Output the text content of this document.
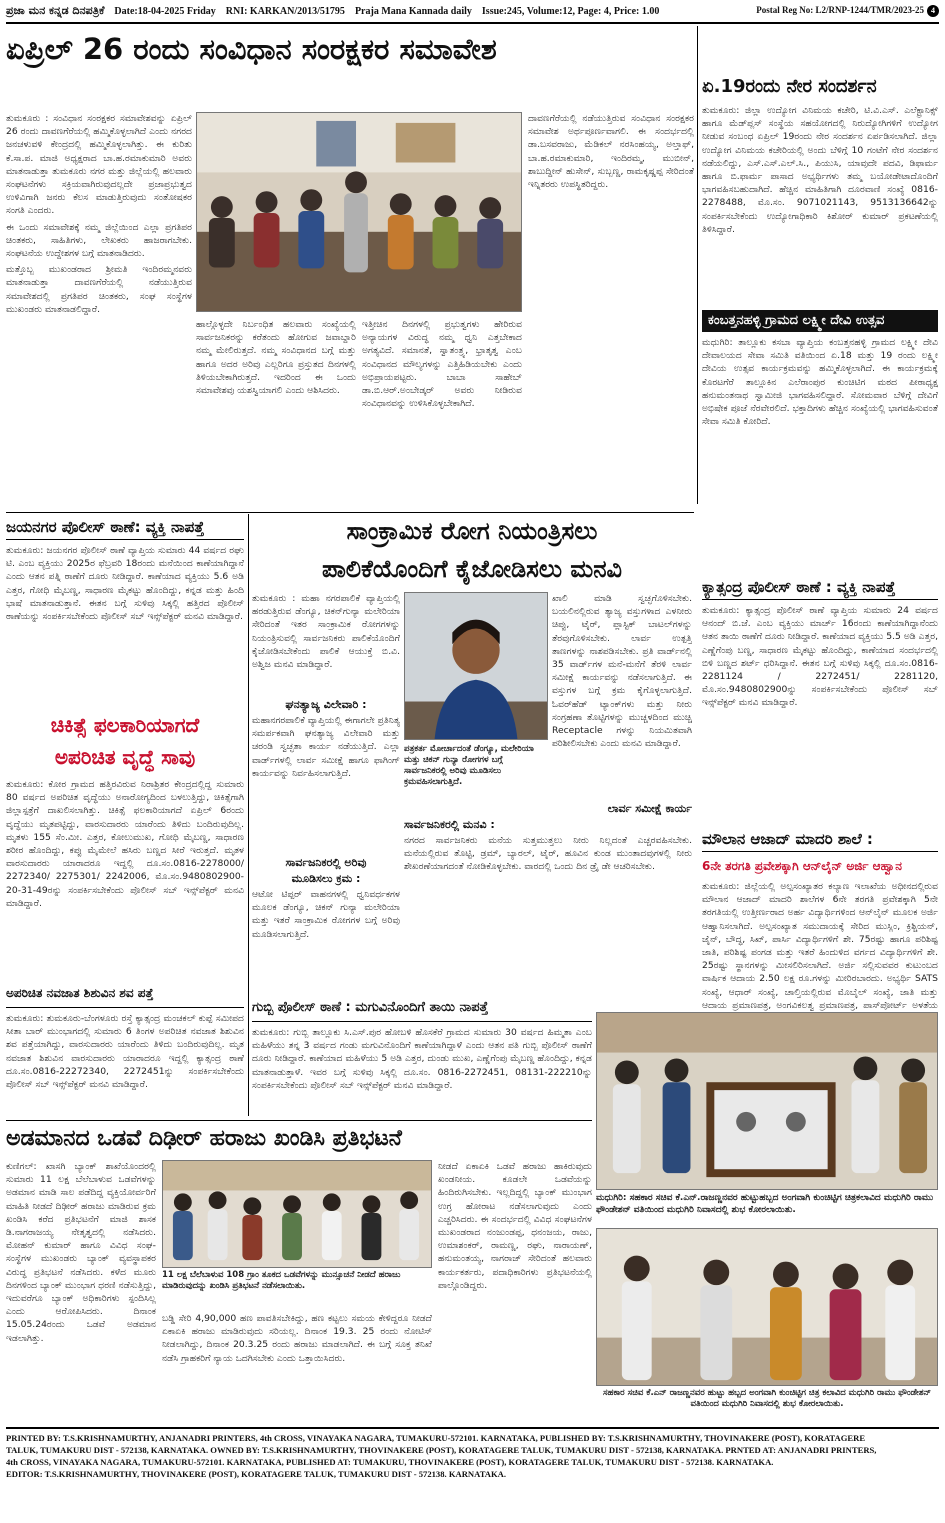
ಪ್ರಜಾ ಮನ ಕನ್ನಡ ದಿನಪತ್ರಿಕೆ Date:18-04-2025 Friday RNI: KARKAN/2013/51795 Praja Mana Kannada daily Issue:245, Volume:12, Page: 4, Price: 1.00	Postal Reg No: L2/RNP-1244/TMR/2023-25 4
ಏಪ್ರಿಲ್ 26 ರಂದು ಸಂವಿಧಾನ ಸಂರಕ್ಷಕರ ಸಮಾವೇಶ

ತುಮಕೂರು : ಸಂವಿಧಾನ ಸಂರಕ್ಷಕರ ಸಮಾವೇಶವನ್ನು ಏಪ್ರಿಲ್ 26 ರಂದು ದಾವಣಗೆರೆಯಲ್ಲಿ ಹಮ್ಮಿಕೊಳ್ಳಲಾಗಿದೆ ಎಂದು ನಗರದ ಜನಚಳುವಳಿ ಕೇಂದ್ರದಲ್ಲಿ ಹಮ್ಮಿಕೊಳ್ಳಲಾಗಿತ್ತು. ಈ ಕುರಿತು ಕೆ.ಸಾ.ಪ. ಮಾಜಿ ಅಧ್ಯಕ್ಷರಾದ ಬಾ.ಹ.ರಮಾಕುಮಾರಿ ಅವರು ಮಾತನಾಡುತ್ತಾ ತುಮಕೂರು ನಗರ ಮತ್ತು ಜಿಲ್ಲೆಯಲ್ಲಿ ಹಲವಾರು ಸಂಘಟನೆಗಳು ಸಕ್ರಿಯವಾಗಿರುವುದಲ್ಲದೇ ಪ್ರಜಾಪ್ರಭುತ್ವದ ಉಳಿವಿಗಾಗಿ ಜನರು ಕೆಲಸ ಮಾಡುತ್ತಿರುವುದು ಸಂತೋಷಕರ ಸಂಗತಿ ಎಂದರು.

ಈ ಒಂದು ಸಮಾವೇಶಕ್ಕೆ ನಮ್ಮ ಜಿಲ್ಲೆಯಿಂದ ಎಲ್ಲಾ ಪ್ರಗತಿಪರ ಚಿಂತಕರು, ಸಾಹಿತಿಗಳು, ಲೇಖಕರು ಹಾಜರಾಗಬೇಕು. ಸಂಘಟನೆಯ ಉದ್ದೇಶಗಳ ಬಗ್ಗೆ ಮಾತನಾಡಿದರು.

ಮತ್ತೊಬ್ಬ ಮುಖಂಡರಾದ ಶ್ರೀಮತಿ ಇಂದಿರಮ್ಮನವರು ಮಾತನಾಡುತ್ತಾ ದಾವಣಗೆರೆಯಲ್ಲಿ ನಡೆಯುತ್ತಿರುವ ಸಮಾವೇಶದಲ್ಲಿ ಪ್ರಗತಿಪರ ಚಿಂತಕರು, ಸಂಘ ಸಂಸ್ಥೆಗಳ ಮುಖಂಡರು ಮಾತನಾಡಲಿದ್ದಾರೆ.

ಹಾಲ್ಗೊಳ್ಳದೇ ನಿರ್ಬಂಧಿತ ಹಲವಾರು ಸಂಖ್ಯೆಯಲ್ಲಿ ಸಾರ್ವಜನಿಕರನ್ನು ಕರೆತಂದು ಹೋಗುವ ಜವಾಬ್ದಾರಿ ನಮ್ಮ ಮೇಲಿರುತ್ತದೆ. ನಮ್ಮ ಸಂವಿಧಾನದ ಬಗ್ಗೆ ಮತ್ತು ಹಾಗೂ ಅದರ ಅರಿವು ಎಲ್ಲರಿಗೂ ಪ್ರಸ್ತುತದ ದಿನಗಳಲ್ಲಿ ತಿಳಿಯಬೇಕಾಗಿರುತ್ತದೆ. ಇದರಿಂದ ಈ ಒಂದು ಸಮಾವೇಶವು ಯಶಸ್ವಿಯಾಗಲಿ ಎಂದು ಆಶಿಸಿದರು.
ಇತ್ತೀಚಿನ ದಿನಗಳಲ್ಲಿ ಪ್ರಭುತ್ವಗಳು ಹೇರಿರುವ ಅನ್ಯಾಯಗಳ ವಿರುದ್ಧ ನಮ್ಮ ಧ್ವನಿ ಎತ್ತಬೇಕಾದ ಅಗತ್ಯವಿದೆ. ಸಮಾನತೆ, ಸ್ವಾತಂತ್ರ್ಯ, ಭ್ರಾತೃತ್ವ ಎಂಬ ಸಂವಿಧಾನದ ಮೌಲ್ಯಗಳನ್ನು ಎತ್ತಿಹಿಡಿಯಬೇಕು ಎಂದು ಅಭಿಪ್ರಾಯಪಟ್ಟರು. ಬಾಬಾ ಸಾಹೇಬ್ ಡಾ.ಬಿ.ಆರ್.ಅಂಬೇಡ್ಕರ್ ಅವರು ನೀಡಿರುವ ಸಂವಿಧಾನವನ್ನು ಉಳಿಸಿಕೊಳ್ಳಬೇಕಾಗಿದೆ.
ದಾವಣಗೆರೆಯಲ್ಲಿ ನಡೆಯುತ್ತಿರುವ ಸಂವಿಧಾನ ಸಂರಕ್ಷಕರ ಸಮಾವೇಶ ಅರ್ಥಪೂರ್ಣವಾಗಲಿ. ಈ ಸಂದರ್ಭದಲ್ಲಿ ಡಾ.ಬಸವರಾಜು, ಮೆಡಿಕಲ್ ನರಸಿಂಹಯ್ಯ, ಅಲ್ತಾಫ್, ಬಾ.ಹ.ರಮಾಕುಮಾರಿ, ಇಂದಿರಮ್ಮ, ಮುಬೀನ್, ಶಾಬುದ್ದೀನ್ ಹುಸೇನ್, ಸುಬ್ಬಣ್ಣ, ರಾಮಕೃಷ್ಣಪ್ಪ ಸೇರಿದಂತೆ ಇನ್ನಿತರರು ಉಪಸ್ಥಿತರಿದ್ದರು.
ಏ.19ರಂದು ನೇರ ಸಂದರ್ಶನ
ತುಮಕೂರು: ಜಿಲ್ಲಾ ಉದ್ಯೋಗ ವಿನಿಮಯ ಕಚೇರಿ, ಟಿ.ವಿ.ಎಸ್. ಎಲೆಕ್ಟ್ರಾನಿಕ್ಸ್ ಹಾಗೂ ಮೆಡ್‌ಪ್ಲಸ್ ಸಂಸ್ಥೆಯ ಸಹಯೋಗದಲ್ಲಿ ನಿರುದ್ಯೋಗಿಗಳಿಗೆ ಉದ್ಯೋಗ ನೀಡುವ ಸಂಬಂಧ ಏಪ್ರಿಲ್ 19ರಂದು ನೇರ ಸಂದರ್ಶನ ಏರ್ಪಡಿಸಲಾಗಿದೆ. ಜಿಲ್ಲಾ ಉದ್ಯೋಗ ವಿನಿಮಯ ಕಚೇರಿಯಲ್ಲಿ ಅಂದು ಬೆಳಿಗ್ಗೆ 10 ಗಂಟೆಗೆ ನೇರ ಸಂದರ್ಶನ ನಡೆಯಲಿದ್ದು, ಎಸ್.ಎಸ್.ಎಲ್.ಸಿ., ಪಿಯುಸಿ, ಯಾವುದೇ ಪದವಿ, ಡಿಫಾರ್ಮ ಹಾಗೂ ಬಿ.ಫಾರ್ಮ ಪಾಸಾದ ಅಭ್ಯರ್ಥಿಗಳು ತಮ್ಮ ಬಯೋಡೇಟಾದೊಂದಿಗೆ ಭಾಗವಹಿಸಬಹುದಾಗಿದೆ. ಹೆಚ್ಚಿನ ಮಾಹಿತಿಗಾಗಿ ದೂರವಾಣಿ ಸಂಖ್ಯೆ 0816-2278488, ಮೊ.ಸಂ. 9071021143, 9513136642ನ್ನು ಸಂಪರ್ಕಿಸಬೇಕೆಂದು ಉದ್ಯೋಗಾಧಿಕಾರಿ ಕಿಶೋರ್ ಕುಮಾರ್ ಪ್ರಕಟಣೆಯಲ್ಲಿ ತಿಳಿಸಿದ್ದಾರೆ.
ಕಂಬತ್ತನಹಳ್ಳಿ ಗ್ರಾಮದ ಲಕ್ಷ್ಮೀ ದೇವಿ ಉತ್ಸವ
ಮಧುಗಿರಿ: ತಾಲ್ಲೂಕು ಕಸಬಾ ವ್ಯಾಪ್ತಿಯ ಕಂಬತ್ತನಹಳ್ಳಿ ಗ್ರಾಮದ ಲಕ್ಷ್ಮೀ ದೇವಿ ದೇವಾಲಯದ ಸೇವಾ ಸಮಿತಿ ವತಿಯಿಂದ ಏ.18 ಮತ್ತು 19 ರಂದು ಲಕ್ಷ್ಮೀ ದೇವಿಯ ಉತ್ಸವ ಕಾರ್ಯಕ್ರಮವನ್ನು ಹಮ್ಮಿಕೊಳ್ಳಲಾಗಿದೆ. ಈ ಕಾರ್ಯಕ್ರಮಕ್ಕೆ ಕೊರಟಗೆರೆ ತಾಲ್ಲೂಕಿನ ಎಲೆರಾಂಪುರ ಕುಂಚಿಟಿಗ ಮಠದ ಪೀಠಾಧ್ಯಕ್ಷ ಹನುಮಂತನಾಥ ಸ್ವಾಮೀಜಿ ಭಾಗವಹಿಸಲಿದ್ದಾರೆ. ಸೋಮವಾರ ಬೆಳಿಗ್ಗೆ ದೇವಿಗೆ ಅಭಿಷೇಕ ಪೂಜೆ ನೆರವೇರಲಿದೆ. ಭಕ್ತಾದಿಗಳು ಹೆಚ್ಚಿನ ಸಂಖ್ಯೆಯಲ್ಲಿ ಭಾಗವಹಿಸುವಂತೆ ಸೇವಾ ಸಮಿತಿ ಕೋರಿದೆ.
ಕ್ಯಾತ್ಸಂದ್ರ ಪೊಲೀಸ್ ಠಾಣೆ : ವ್ಯಕ್ತಿ ನಾಪತ್ತೆ
ತುಮಕೂರು: ಕ್ಯಾತ್ಸಂದ್ರ ಪೊಲೀಸ್ ಠಾಣೆ ವ್ಯಾಪ್ತಿಯ ಸುಮಾರು 24 ವರ್ಷದ ಆನಂದ್ ಬಿ.ಜೆ. ಎಂಬ ವ್ಯಕ್ತಿಯು ಮಾರ್ಚ್ 16ರಂದು ಕಾಣೆಯಾಗಿದ್ದಾನೆಂದು ಆತನ ತಾಯಿ ಠಾಣೆಗೆ ದೂರು ನೀಡಿದ್ದಾರೆ. ಕಾಣೆಯಾದ ವ್ಯಕ್ತಿಯು 5.5 ಅಡಿ ಎತ್ತರ, ಎಣ್ಣೆಗೆಂಪು ಬಣ್ಣ, ಸಾಧಾರಣ ಮೈಕಟ್ಟು ಹೊಂದಿದ್ದು, ಕಾಣೆಯಾದ ಸಂದರ್ಭದಲ್ಲಿ ಬಿಳಿ ಬಣ್ಣದ ಶರ್ಟ್ ಧರಿಸಿದ್ದಾನೆ. ಈತನ ಬಗ್ಗೆ ಸುಳಿವು ಸಿಕ್ಕಲ್ಲಿ ದೂ.ಸಂ.0816-2281124 / 2272451/ 2281120, ಮೊ.ಸಂ.9480802900ನ್ನು ಸಂಪರ್ಕಿಸಬೇಕೆಂದು ಪೊಲೀಸ್ ಸಬ್ ಇನ್ಸ್‌ಪೆಕ್ಟರ್ ಮನವಿ ಮಾಡಿದ್ದಾರೆ.
ಮೌಲಾನ ಆಜಾದ್ ಮಾದರಿ ಶಾಲೆ :
6ನೇ ತರಗತಿ ಪ್ರವೇಶಕ್ಕಾಗಿ ಆನ್‌ಲೈನ್ ಅರ್ಜಿ ಆಹ್ವಾನ
ತುಮಕೂರು: ಜಿಲ್ಲೆಯಲ್ಲಿ ಅಲ್ಪಸಂಖ್ಯಾತರ ಕಲ್ಯಾಣ ಇಲಾಖೆಯ ಅಧೀನದಲ್ಲಿರುವ ಮೌಲಾನ ಆಜಾದ್ ಮಾದರಿ ಶಾಲೆಗಳ 6ನೇ ತರಗತಿ ಪ್ರವೇಶಕ್ಕಾಗಿ 5ನೇ ತರಗತಿಯಲ್ಲಿ ಉತ್ತೀರ್ಣರಾದ ಅರ್ಹ ವಿದ್ಯಾರ್ಥಿಗಳಿಂದ ಆನ್‌ಲೈನ್ ಮೂಲಕ ಅರ್ಜಿ ಆಹ್ವಾನಿಸಲಾಗಿದೆ. ಅಲ್ಪಸಂಖ್ಯಾತ ಸಮುದಾಯಕ್ಕೆ ಸೇರಿದ ಮುಸ್ಲಿಂ, ಕ್ರಿಶ್ಚಿಯನ್, ಜೈನ್, ಬೌದ್ಧ, ಸಿಖ್, ಪಾರ್ಸಿ ವಿದ್ಯಾರ್ಥಿಗಳಿಗೆ ಶೇ. 75ರಷ್ಟು ಹಾಗೂ ಪರಿಶಿಷ್ಟ ಜಾತಿ, ಪರಿಶಿಷ್ಟ ಪಂಗಡ ಮತ್ತು ಇತರೆ ಹಿಂದುಳಿದ ವರ್ಗದ ವಿದ್ಯಾರ್ಥಿಗಳಿಗೆ ಶೇ. 25ರಷ್ಟು ಸ್ಥಾನಗಳನ್ನು ಮೀಸಲಿರಿಸಲಾಗಿದೆ. ಅರ್ಜಿ ಸಲ್ಲಿಸುವವರ ಕುಟುಂಬದ ವಾರ್ಷಿಕ ಆದಾಯ 2.50 ಲಕ್ಷ ರೂ.ಗಳನ್ನು ಮೀರಿರಬಾರದು. ಅಭ್ಯರ್ಥಿ SATS ಸಂಖ್ಯೆ, ಆಧಾರ್ ಸಂಖ್ಯೆ, ಚಾಲ್ತಿಯಲ್ಲಿರುವ ಮೊಬೈಲ್ ಸಂಖ್ಯೆ, ಜಾತಿ ಮತ್ತು ಆದಾಯ ಪ್ರಮಾಣಪತ್ರ, ಅಂಗವಿಕಲತ್ವ ಪ್ರಮಾಣಪತ್ರ, ಪಾಸ್‌ಪೋರ್ಟ್ ಅಳತೆಯ
ಜಯನಗರ ಪೊಲೀಸ್ ಠಾಣೆ: ವ್ಯಕ್ತಿ ನಾಪತ್ತೆ
ತುಮಕೂರು: ಜಯನಗರ ಪೊಲೀಸ್ ಠಾಣೆ ವ್ಯಾಪ್ತಿಯ ಸುಮಾರು 44 ವರ್ಷದ ರಘು ಟಿ. ಎಂಬ ವ್ಯಕ್ತಿಯು 2025ರ ಫೆಬ್ರವರಿ 18ರಂದು ಮನೆಯಿಂದ ಕಾಣೆಯಾಗಿದ್ದಾನೆ ಎಂದು ಆತನ ಪತ್ನಿ ಠಾಣೆಗೆ ದೂರು ನೀಡಿದ್ದಾರೆ. ಕಾಣೆಯಾದ ವ್ಯಕ್ತಿಯು 5.6 ಅಡಿ ಎತ್ತರ, ಗೋಧಿ ಮೈಬಣ್ಣ, ಸಾಧಾರಣ ಮೈಕಟ್ಟು ಹೊಂದಿದ್ದು, ಕನ್ನಡ ಮತ್ತು ಹಿಂದಿ ಭಾಷೆ ಮಾತನಾಡುತ್ತಾನೆ. ಈತನ ಬಗ್ಗೆ ಸುಳಿವು ಸಿಕ್ಕಲ್ಲಿ ಹತ್ತಿರದ ಪೊಲೀಸ್ ಠಾಣೆಯನ್ನು ಸಂಪರ್ಕಿಸಬೇಕೆಂದು ಪೊಲೀಸ್ ಸಬ್ ಇನ್ಸ್‌ಪೆಕ್ಟರ್ ಮನವಿ ಮಾಡಿದ್ದಾರೆ.
ಚಿಕಿತ್ಸೆ ಫಲಕಾರಿಯಾಗದೆ
ಅಪರಿಚಿತ ವೃದ್ಧೆ ಸಾವು
ತುಮಕೂರು: ಕೋರ ಗ್ರಾಮದ ಹತ್ತಿರವಿರುವ ನಿರಾಶ್ರಿತರ ಕೇಂದ್ರದಲ್ಲಿದ್ದ ಸುಮಾರು 80 ವರ್ಷದ ಅಪರಿಚಿತ ವೃದ್ಧೆಯು ಅನಾರೋಗ್ಯದಿಂದ ಬಳಲುತ್ತಿದ್ದು, ಚಿಕಿತ್ಸೆಗಾಗಿ ಜಿಲ್ಲಾಸ್ಪತ್ರೆಗೆ ದಾಖಲಿಸಲಾಗಿತ್ತು. ಚಿಕಿತ್ಸೆ ಫಲಕಾರಿಯಾಗದೆ ಏಪ್ರಿಲ್ 6ರಂದು ವೃದ್ಧೆಯು ಮೃತಪಟ್ಟಿದ್ದು, ವಾರಸುದಾರರು ಯಾರೆಂದು ತಿಳಿದು ಬಂದಿರುವುದಿಲ್ಲ. ಮೃತಳು 155 ಸೆಂ.ಮೀ. ಎತ್ತರ, ಕೋಲುಮುಖ, ಗೋಧಿ ಮೈಬಣ್ಣ, ಸಾಧಾರಣ ಶರೀರ ಹೊಂದಿದ್ದು, ಕಪ್ಪು ಮೈಮೇಲೆ ಹಸಿರು ಬಣ್ಣದ ಸೀರೆ ಇರುತ್ತದೆ. ಮೃತಳ ವಾರಸುದಾರರು ಯಾರಾದರೂ ಇದ್ದಲ್ಲಿ ದೂ.ಸಂ.0816-2278000/ 2272340/ 2275301/ 2242006, ಮೊ.ಸಂ.9480802900-20-31-49ರನ್ನು ಸಂಪರ್ಕಿಸಬೇಕೆಂದು ಪೊಲೀಸ್ ಸಬ್ ಇನ್ಸ್‌ಪೆಕ್ಟರ್ ಮನವಿ ಮಾಡಿದ್ದಾರೆ.
ಅಪರಿಚಿತ ನವಜಾತ ಶಿಶುವಿನ ಶವ ಪತ್ತೆ
ತುಮಕೂರು: ತುಮಕೂರು-ಬೆಂಗಳೂರು ರಸ್ತೆ ಕ್ಯಾತ್ಸಂದ್ರ ಮಂಚಕಲ್ ಕುಪ್ಪೆ ಸಮೀಪದ ಸೀತಾ ಬಾರ್ ಮುಂಭಾಗದಲ್ಲಿ ಸುಮಾರು 6 ತಿಂಗಳ ಅಪರಿಚಿತ ನವಜಾತ ಶಿಶುವಿನ ಶವ ಪತ್ತೆಯಾಗಿದ್ದು, ವಾರಸುದಾರರು ಯಾರೆಂದು ತಿಳಿದು ಬಂದಿರುವುದಿಲ್ಲ. ಮೃತ ನವಜಾತ ಶಿಶುವಿನ ವಾರಸುದಾರರು ಯಾರಾದರೂ ಇದ್ದಲ್ಲಿ ಕ್ಯಾತ್ಸಂದ್ರ ಠಾಣೆ ದೂ.ಸಂ.0816-22272340, 2272451ನ್ನು ಸಂಪರ್ಕಿಸಬೇಕೆಂದು ಪೊಲೀಸ್ ಸಬ್ ಇನ್ಸ್‌ಪೆಕ್ಟರ್ ಮನವಿ ಮಾಡಿದ್ದಾರೆ.
ಸಾಂಕ್ರಾಮಿಕ ರೋಗ ನಿಯಂತ್ರಿಸಲು
ಪಾಲಿಕೆಯೊಂದಿಗೆ ಕೈಜೋಡಿಸಲು ಮನವಿ
ತುಮಕೂರು : ಮಹಾ ನಗರಪಾಲಿಕೆ ವ್ಯಾಪ್ತಿಯಲ್ಲಿ ಹರಡುತ್ತಿರುವ ಡೆಂಗ್ಯೂ, ಚಿಕನ್‌ಗುನ್ಯಾ ಮಲೇರಿಯಾ ಸೇರಿದಂತೆ ಇತರ ಸಾಂಕ್ರಾಮಿಕ ರೋಗಗಳನ್ನು ನಿಯಂತ್ರಿಸುವಲ್ಲಿ ಸಾರ್ವಜನಿಕರು ಪಾಲಿಕೆಯೊಂದಿಗೆ ಕೈಜೋಡಿಸಬೇಕೆಂದು ಪಾಲಿಕೆ ಆಯುಕ್ತೆ ಬಿ.ವಿ. ಅಶ್ವಿಜ ಮನವಿ ಮಾಡಿದ್ದಾರೆ.
ಪತ್ರಕರ್ತ ಮೋರ್ಚಾದಂತೆ ಡೆಂಗ್ಯೂ, ಮಲೇರಿಯಾ ಮತ್ತು ಚಿಕನ್ ಗುನ್ಯಾ ರೋಗಗಳ ಬಗ್ಗೆ ಸಾರ್ವಜನಿಕರಲ್ಲಿ ಅರಿವು ಮೂಡಿಸಲು ಕ್ರಮವಹಿಸಲಾಗುತ್ತಿದೆ.
ಘನತ್ಯಾಜ್ಯ ವಿಲೇವಾರಿ :
ಮಹಾನಗರಪಾಲಿಕೆ ವ್ಯಾಪ್ತಿಯಲ್ಲಿ ಈಗಾಗಲೇ ಪ್ರತಿನಿತ್ಯ ಸಮರ್ಪಕವಾಗಿ ಘನತ್ಯಾಜ್ಯ ವಿಲೇವಾರಿ ಮತ್ತು ಚರಂಡಿ ಸ್ವಚ್ಛತಾ ಕಾರ್ಯ ನಡೆಯುತ್ತಿದೆ. ಎಲ್ಲಾ ವಾರ್ಡ್‌ಗಳಲ್ಲಿ ಲಾರ್ವ ಸಮೀಕ್ಷೆ ಹಾಗೂ ಫಾಗಿಂಗ್ ಕಾರ್ಯವನ್ನು ನಿರ್ವಹಿಸಲಾಗುತ್ತಿದೆ.
ಸಾರ್ವಜನಿಕರಲ್ಲಿ ಅರಿವು
ಮೂಡಿಸಲು ಕ್ರಮ :
ಆಟೋ ಟಿಪ್ಪರ್ ವಾಹನಗಳಲ್ಲಿ ಧ್ವನಿವರ್ಧಕಗಳ ಮೂಲಕ ಡೆಂಗ್ಯೂ, ಚಿಕನ್ ಗುನ್ಯಾ ಮಲೇರಿಯಾ ಮತ್ತು ಇತರೆ ಸಾಂಕ್ರಾಮಿಕ ರೋಗಗಳ ಬಗ್ಗೆ ಅರಿವು ಮೂಡಿಸಲಾಗುತ್ತಿದೆ.
ಖಾಲಿ ಮಾಡಿ ಸ್ವಚ್ಛಗೊಳಿಸಬೇಕು. ಬಯಲಿನಲ್ಲಿರುವ ತ್ಯಾಜ್ಯ ವಸ್ತುಗಳಾದ ಎಳನೀರು ಚಿಪ್ಪು, ಟೈರ್, ಪ್ಲಾಸ್ಟಿಕ್ ಬಾಟಲ್‌ಗಳನ್ನು ತೆರವುಗೊಳಿಸಬೇಕು. ಲಾರ್ವ ಉತ್ಪತ್ತಿ ತಾಣಗಳನ್ನು ನಾಶಪಡಿಸಬೇಕು. ಪ್ರತಿ ವಾರ್ಡ್‌ನಲ್ಲಿ 35 ವಾರ್ಡ್‌ಗಳ ಮನೆ-ಮನೆಗೆ ತೆರಳಿ ಲಾರ್ವ ಸಮೀಕ್ಷೆ ಕಾರ್ಯವನ್ನು ನಡೆಸಲಾಗುತ್ತಿದೆ. ಈ ವಸ್ತುಗಳ ಬಗ್ಗೆ ಕ್ರಮ ಕೈಗೊಳ್ಳಲಾಗುತ್ತಿದೆ. ಓವರ್‌ಹೆಡ್ ಟ್ಯಾಂಕ್‌ಗಳು ಮತ್ತು ನೀರು ಸಂಗ್ರಹಣಾ ತೊಟ್ಟಿಗಳನ್ನು ಮುಚ್ಚಳದಿಂದ ಮುಚ್ಚಿ Receptacle ಗಳನ್ನು ನಿಯಮಿತವಾಗಿ ಪರಿಶೀಲಿಸಬೇಕು ಎಂದು ಮನವಿ ಮಾಡಿದ್ದಾರೆ.
ಲಾರ್ವ ಸಮೀಕ್ಷೆ ಕಾರ್ಯ
ಸಾರ್ವಜನಿಕರಲ್ಲಿ ಮನವಿ :
ನಗರದ ಸಾರ್ವಜನಿಕರು ಮನೆಯ ಸುತ್ತಮುತ್ತಲು ನೀರು ನಿಲ್ಲದಂತೆ ಎಚ್ಚರವಹಿಸಬೇಕು. ಮನೆಯಲ್ಲಿರುವ ತೊಟ್ಟಿ, ಡ್ರಮ್, ಬ್ಯಾರಲ್, ಟೈರ್, ಹೂವಿನ ಕುಂಡ ಮುಂತಾದವುಗಳಲ್ಲಿ ನೀರು ಶೇಖರಣೆಯಾಗದಂತೆ ನೋಡಿಕೊಳ್ಳಬೇಕು. ವಾರದಲ್ಲಿ ಒಂದು ದಿನ ಡ್ರೈ ಡೇ ಆಚರಿಸಬೇಕು.
ಗುಬ್ಬಿ ಪೊಲೀಸ್ ಠಾಣೆ : ಮಗುವಿನೊಂದಿಗೆ ತಾಯಿ ನಾಪತ್ತೆ
ತುಮಕೂರು: ಗುಬ್ಬಿ ತಾಲ್ಲೂಕು ಸಿ.ಎಸ್.ಪುರ ಹೋಬಳಿ ಹೊಸಕೆರೆ ಗ್ರಾಮದ ಸುಮಾರು 30 ವರ್ಷದ ಹಿಮ್ಮತಾ ಎಂಬ ಮಹಿಳೆಯು ತನ್ನ 3 ವರ್ಷದ ಗಂಡು ಮಗುವಿನೊಂದಿಗೆ ಕಾಣೆಯಾಗಿದ್ದಾಳೆ ಎಂದು ಆತನ ಪತಿ ಗುಬ್ಬಿ ಪೊಲೀಸ್ ಠಾಣೆಗೆ ದೂರು ನೀಡಿದ್ದಾರೆ. ಕಾಣೆಯಾದ ಮಹಿಳೆಯು 5 ಅಡಿ ಎತ್ತರ, ದುಂಡು ಮುಖ, ಎಣ್ಣೆಗೆಂಪು ಮೈಬಣ್ಣ ಹೊಂದಿದ್ದು, ಕನ್ನಡ ಮಾತನಾಡುತ್ತಾಳೆ. ಇವರ ಬಗ್ಗೆ ಸುಳಿವು ಸಿಕ್ಕಲ್ಲಿ ದೂ.ಸಂ. 0816-2272451, 08131-222210ನ್ನು ಸಂಪರ್ಕಿಸಬೇಕೆಂದು ಪೊಲೀಸ್ ಸಬ್ ಇನ್ಸ್‌ಪೆಕ್ಟರ್ ಮನವಿ ಮಾಡಿದ್ದಾರೆ.
ಮಧುಗಿರಿ: ಸಹಕಾರ ಸಚಿವ ಕೆ.ಎನ್.ರಾಜಣ್ಣನವರ ಹುಟ್ಟುಹಬ್ಬದ ಅಂಗವಾಗಿ ಕುಂಚಿಟ್ಟಿಗ ಚಿತ್ರಕಲಾವಿದ ಮಧುಗಿರಿ ರಾಮು ಫೌಂಡೇಶನ್ ವತಿಯಿಂದ ಮಧುಗಿರಿ ನಿವಾಸದಲ್ಲಿ ಶುಭ ಕೋರಲಾಯಿತು.
ಸಹಕಾರ ಸಚಿವ ಕೆ.ಎನ್ ರಾಜಣ್ಣನವರ ಹುಟ್ಟು ಹಬ್ಬದ ಅಂಗವಾಗಿ ಕುಂಚಿಟ್ಟಿಗ ಚಿತ್ರ ಕಲಾವಿದ ಮಧುಗಿರಿ ರಾಮು ಫೌಂಡೇಶನ್ ವತಿಯಿಂದ ಮಧುಗಿರಿ ನಿವಾಸದಲ್ಲಿ ಶುಭ ಕೋರಲಾಯಿತು.
ಅಡಮಾನದ ಒಡವೆ ದಿಢೀರ್ ಹರಾಜು ಖಂಡಿಸಿ ಪ್ರತಿಭಟನೆ
ಕುಣಿಗಲ್: ಖಾಸಗಿ ಬ್ಯಾಂಕ್ ಶಾಖೆಯೊಂದರಲ್ಲಿ ಸುಮಾರು 11 ಲಕ್ಷ ಬೆಲೆಬಾಳುವ ಒಡವೆಗಳನ್ನು ಅಡಮಾನ ಮಾಡಿ ಸಾಲ ಪಡೆದಿದ್ದ ವ್ಯಕ್ತಿಯೋರ್ವರಿಗೆ ಮಾಹಿತಿ ನೀಡದೆ ದಿಢೀರ್ ಹರಾಜು ಮಾಡಿರುವ ಕ್ರಮ ಖಂಡಿಸಿ ಕರೆದ ಪ್ರತಿಭಟನೆಗೆ ಮಾಜಿ ಶಾಸಕ ಡಿ.ನಾಗರಾಜಯ್ಯ ನೇತೃತ್ವದಲ್ಲಿ ನಡೆಸಿದರು. ಮೋಹನ್ ಕುಮಾರ್ ಹಾಗೂ ವಿವಿಧ ಸಂಘ-ಸಂಸ್ಥೆಗಳ ಮುಖಂಡರು ಬ್ಯಾಂಕ್ ವ್ಯವಸ್ಥಾಪಕರ ವಿರುದ್ಧ ಪ್ರತಿಭಟನೆ ನಡೆಸಿದರು. ಕಳೆದ ಮೂರು ದಿನಗಳಿಂದ ಬ್ಯಾಂಕ್ ಮುಂಭಾಗ ಧರಣಿ ನಡೆಸುತ್ತಿದ್ದು, ಇದುವರೆಗೂ ಬ್ಯಾಂಕ್ ಅಧಿಕಾರಿಗಳು ಸ್ಪಂದಿಸಿಲ್ಲ ಎಂದು ಆರೋಪಿಸಿದರು. ದಿನಾಂಕ 15.05.24ರಂದು ಒಡವೆ ಅಡಮಾನ ಇಡಲಾಗಿತ್ತು.
11 ಲಕ್ಷ ಬೆಲೆಬಾಳುವ 108 ಗ್ರಾಂ ತೂಕದ ಒಡವೆಗಳನ್ನು ಮುನ್ಸೂಚನೆ ನೀಡದೆ ಹರಾಜು ಮಾಡಿರುವುದನ್ನು ಖಂಡಿಸಿ ಪ್ರತಿಭಟನೆ ನಡೆಸಲಾಯಿತು.
ಬಡ್ಡಿ ಸೇರಿ 4,90,000 ಹಣ ಪಾವತಿಸಬೇಕಿದ್ದು, ಹಣ ಕಟ್ಟಲು ಸಮಯ ಕೇಳಿದ್ದರೂ ನೀಡದೆ ಏಕಾಏಕಿ ಹರಾಜು ಮಾಡಿರುವುದು ಸರಿಯಲ್ಲ. ದಿನಾಂಕ 19.3. 25 ರಂದು ನೋಟಿಸ್ ನೀಡಲಾಗಿದ್ದು, ದಿನಾಂಕ 20.3.25 ರಂದು ಹರಾಜು ಮಾಡಲಾಗಿದೆ. ಈ ಬಗ್ಗೆ ಸೂಕ್ತ ತನಿಖೆ ನಡೆಸಿ ಗ್ರಾಹಕರಿಗೆ ನ್ಯಾಯ ಒದಗಿಸಬೇಕು ಎಂದು ಒತ್ತಾಯಿಸಿದರು.
ನೀಡದೆ ಏಕಾಏಕಿ ಒಡವೆ ಹರಾಜು ಹಾಕಿರುವುದು ಖಂಡನೀಯ. ಕೂಡಲೇ ಒಡವೆಯನ್ನು ಹಿಂದಿರುಗಿಸಬೇಕು. ಇಲ್ಲದಿದ್ದಲ್ಲಿ ಬ್ಯಾಂಕ್ ಮುಂಭಾಗ ಉಗ್ರ ಹೋರಾಟ ನಡೆಸಲಾಗುವುದು ಎಂದು ಎಚ್ಚರಿಸಿದರು. ಈ ಸಂದರ್ಭದಲ್ಲಿ ವಿವಿಧ ಸಂಘಟನೆಗಳ ಮುಖಂಡರಾದ ನಂಜುಂಡಪ್ಪ, ಧನಂಜಯ, ರಾಜು, ಉಮಾಶಂಕರ್, ರಾಮಣ್ಣ, ರಘು, ನಾರಾಯಣ್, ಹನುಮಂತಯ್ಯ, ನಾಗರಾಜ್ ಸೇರಿದಂತೆ ಹಲವಾರು ಕಾರ್ಯಕರ್ತರು, ಪದಾಧಿಕಾರಿಗಳು ಪ್ರತಿಭಟನೆಯಲ್ಲಿ ಪಾಲ್ಗೊಂಡಿದ್ದರು.
PRINTED BY: T.S.KRISHNAMURTHY, ANJANADRI PRINTERS, 4th CROSS, VINAYAKA NAGARA, TUMAKURU-572101. KARNATAKA, PUBLISHED BY: T.S.KRISHNAMURTHY, THOVINAKERE (POST), KORATAGERE
TALUK, TUMAKURU DIST - 572138, KARNATAKA. OWNED BY: T.S.KRISHNAMURTHY, THOVINAKERE (POST), KORATAGERE TALUK, TUMAKURU DIST - 572138, KARNATAKA. PRNTED AT: ANJANADRI PRINTERS,
4th CROSS, VINAYAKA NAGARA, TUMAKURU-572101. KARNATAKA, PUBLISHED AT: TUMAKURU, THOVINAKERE (POST), KORATAGERE TALUK, TUMAKURU DIST - 572138. KARNATAKA.
EDITOR: T.S.KRISHNAMURTHY, THOVINAKERE (POST), KORATAGERE TALUK, TUMAKURU DIST - 572138. KARNATAKA.
